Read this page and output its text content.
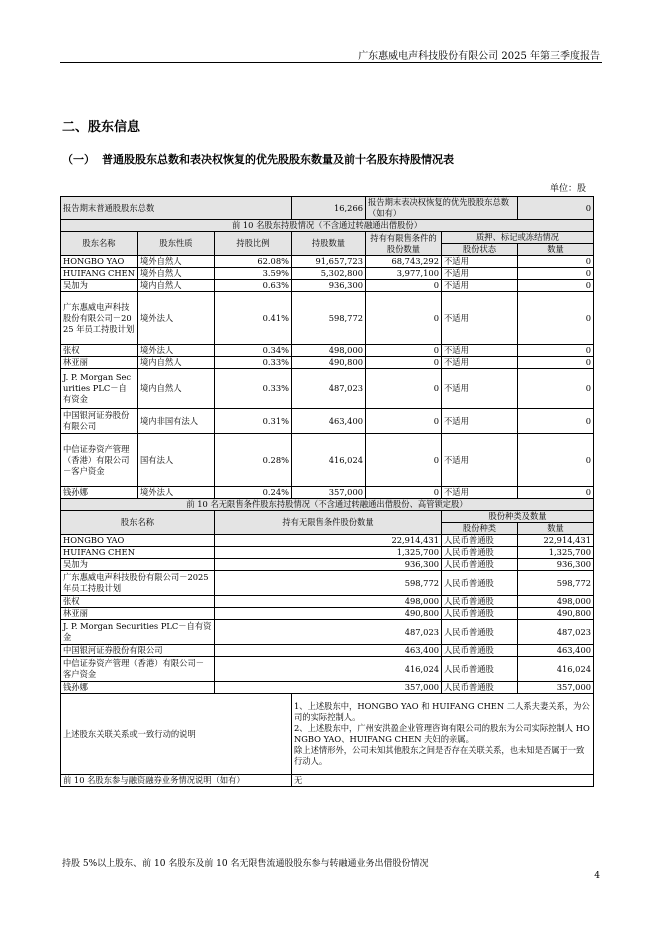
广东惠威电声科技股份有限公司 2025 年第三季度报告
二、股东信息
（一） 普通股股东总数和表决权恢复的优先股股东数量及前十名股东持股情况表
单位：股
报告期末普通股股东总数			16,266	报告期末表决权恢复的优先股股东总数（如有）		0
前 10 名股东持股情况（不含通过转融通出借股份）						
股东名称	股东性质	持股比例	持股数量	持有有限售条件的股份数量	质押、标记或冻结情况	
					股份状态	数量
HONGBO YAO	境外自然人	62.08%	91,657,723	68,743,292	不适用	0
HUIFANG CHEN	境外自然人	3.59%	5,302,800	3,977,100	不适用	0
吴加为	境内自然人	0.63%	936,300	0	不适用	0
广东惠威电声科技股份有限公司－2025 年员工持股计划	境外法人	0.41%	598,772	0	不适用	0
张权	境外法人	0.34%	498,000	0	不适用	0
林亚丽	境内自然人	0.33%	490,800	0	不适用	0
J. P. Morgan Securities PLC－自有资金	境内自然人	0.33%	487,023	0	不适用	0
中国银河证券股份有限公司	境内非国有法人	0.31%	463,400	0	不适用	0
中信证券资产管理（香港）有限公司－客户资金	国有法人	0.28%	416,024	0	不适用	0
钱孙娜	境外法人	0.24%	357,000	0	不适用	0
前 10 名无限售条件股东持股情况（不含通过转融通出借股份、高管锁定股）						
股东名称		持有无限售条件股份数量			股份种类及数量	
					股份种类	数量
HONGBO YAO		22,914,431			人民币普通股	22,914,431
HUIFANG CHEN		1,325,700			人民币普通股	1,325,700
吴加为		936,300			人民币普通股	936,300
广东惠威电声科技股份有限公司－2025 年员工持股计划		598,772			人民币普通股	598,772
张权		498,000			人民币普通股	498,000
林亚丽		490,800			人民币普通股	490,800
J. P. Morgan Securities PLC－自有资金		487,023			人民币普通股	487,023
中国银河证券股份有限公司		463,400			人民币普通股	463,400
中信证券资产管理（香港）有限公司－客户资金		416,024			人民币普通股	416,024
钱孙娜		357,000			人民币普通股	357,000
上述股东关联关系或一致行动的说明			1、上述股东中，HONGBO YAO 和 HUIFANG CHEN 二人系夫妻关系，为公司的实际控制人。

2、上述股东中，广州安洪盈企业管理咨询有限公司的股东为公司实际控制人 HONGBO YAO、HUIFANG CHEN 夫妇的亲属。

除上述情形外，公司未知其他股东之间是否存在关联关系，也未知是否属于一致行动人。			

前 10 名股东参与融资融券业务情况说明（如有）			无			
持股 5%以上股东、前 10 名股东及前 10 名无限售流通股股东参与转融通业务出借股份情况
4
